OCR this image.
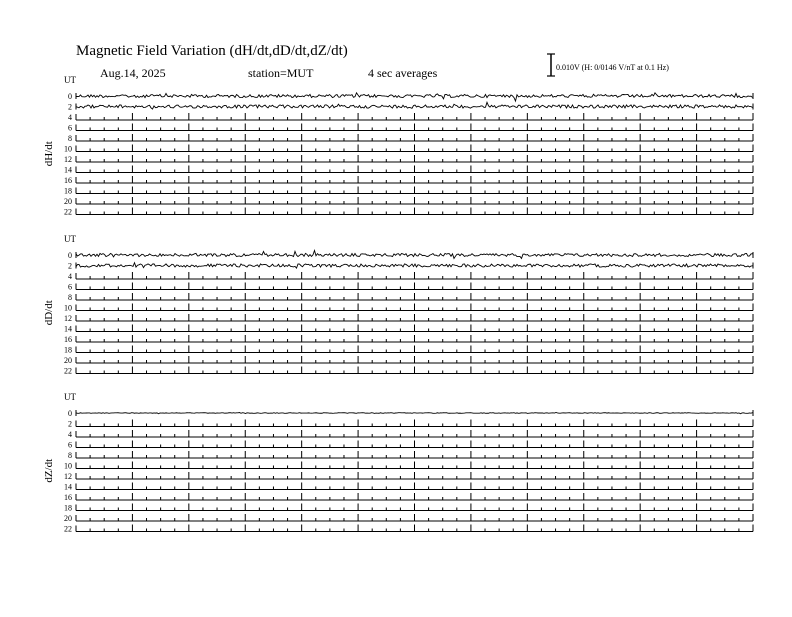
Magnetic Field Variation (dH/dt,dD/dt,dZ/dt)
Aug.14, 2025	station=MUT	4 sec averages	0.010V (H: 0/0146 V/nT at 0.1 Hz)
UT
dH/dt
0
2
4
6
8
10
12
14
16
18
20
22
UT
dD/dt
0
2
4
6
8
10
12
14
16
18
20
22
UT
dZ/dt
0
2
4
6
8
10
12
14
16
18
20
22
